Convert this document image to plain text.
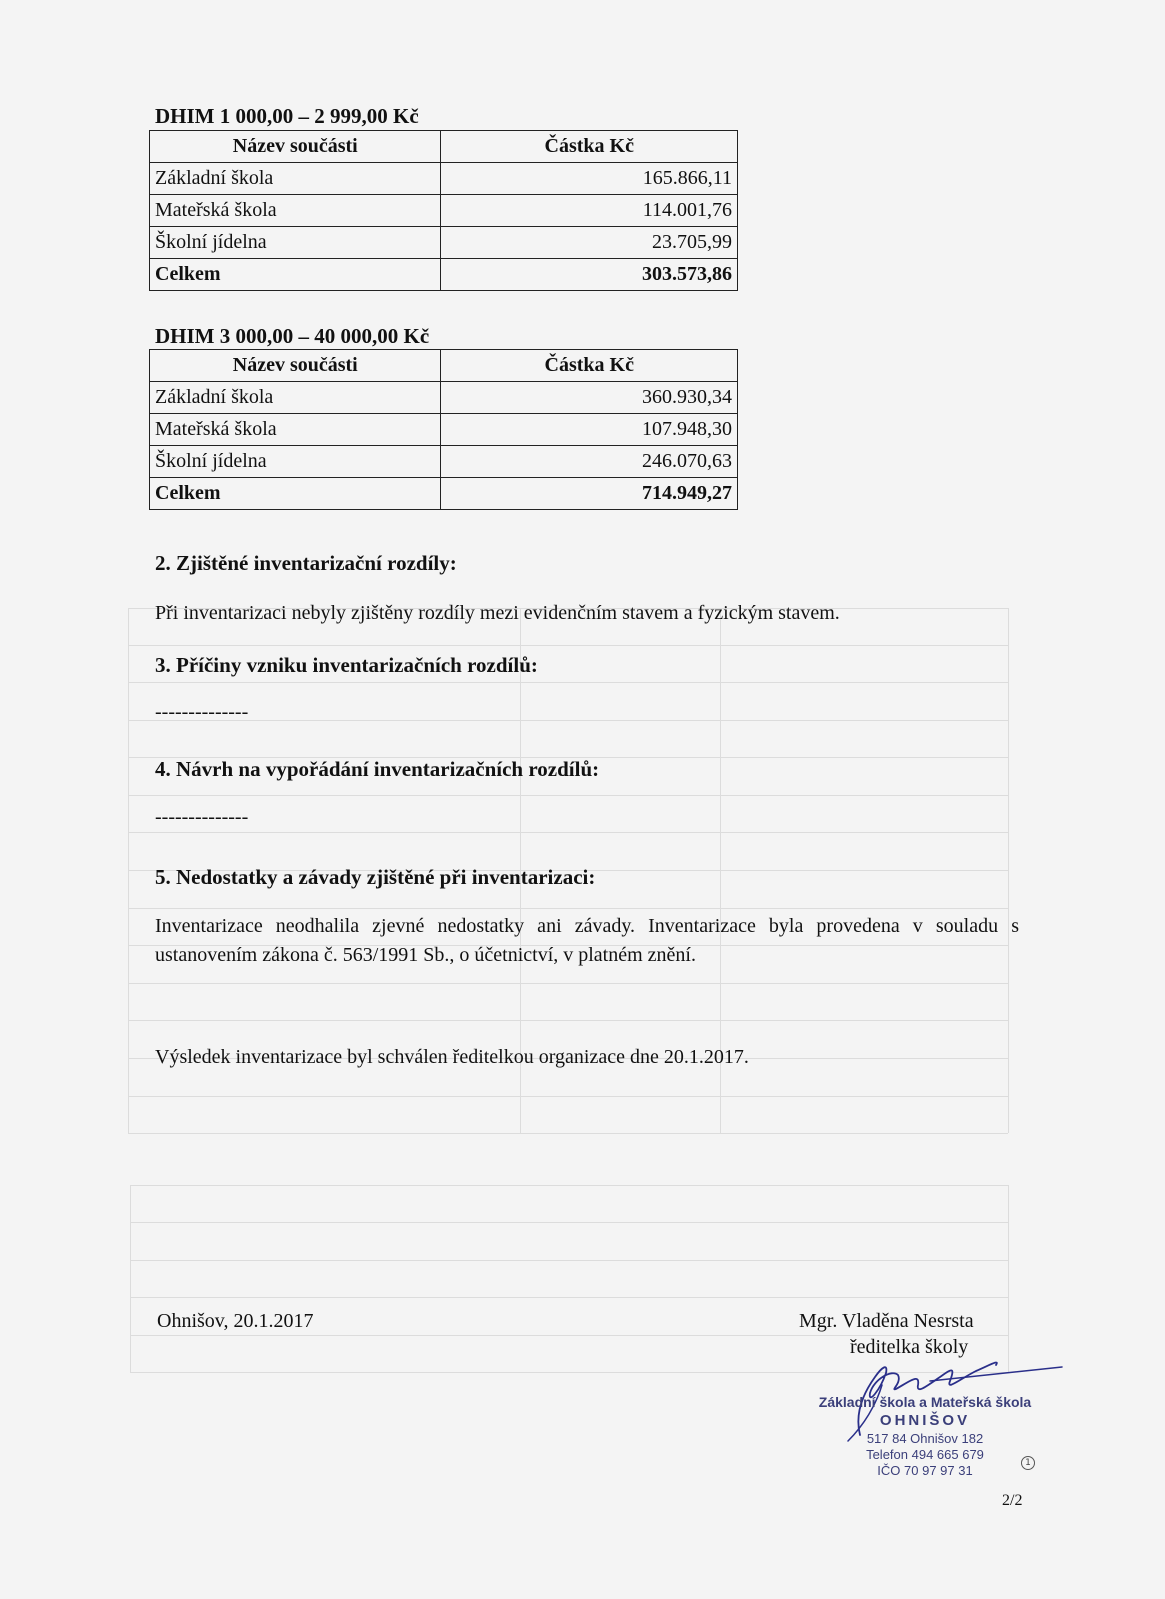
DHIM 1 000,00 – 2 999,00 Kč
Název součásti	Částka Kč
Základní škola	165.866,11
Mateřská škola	114.001,76
Školní jídelna	23.705,99
Celkem	303.573,86
DHIM 3 000,00 – 40 000,00 Kč
Název součásti	Částka Kč
Základní škola	360.930,34
Mateřská škola	107.948,30
Školní jídelna	246.070,63
Celkem	714.949,27
2. Zjištěné inventarizační rozdíly:
Při inventarizaci nebyly zjištěny rozdíly mezi evidenčním stavem a fyzickým stavem.
3. Příčiny vzniku inventarizačních rozdílů:
--------------
4. Návrh na vypořádání inventarizačních rozdílů:
--------------
5. Nedostatky a závady zjištěné při inventarizaci:
Inventarizace neodhalila zjevné nedostatky ani závady. Inventarizace byla provedena v souladu s ustanovením zákona č. 563/1991 Sb., o účetnictví, v platném znění.
Výsledek inventarizace byl schválen ředitelkou organizace dne 20.1.2017.
Ohnišov, 20.1.2017	Mgr. Vladěna Nesrsta
ředitelka školy
Základní škola a Mateřská škola
OHNIŠOV
517 84 Ohnišov 182
Telefon 494 665 679
IČO 70 97 97 31	1
2/2
